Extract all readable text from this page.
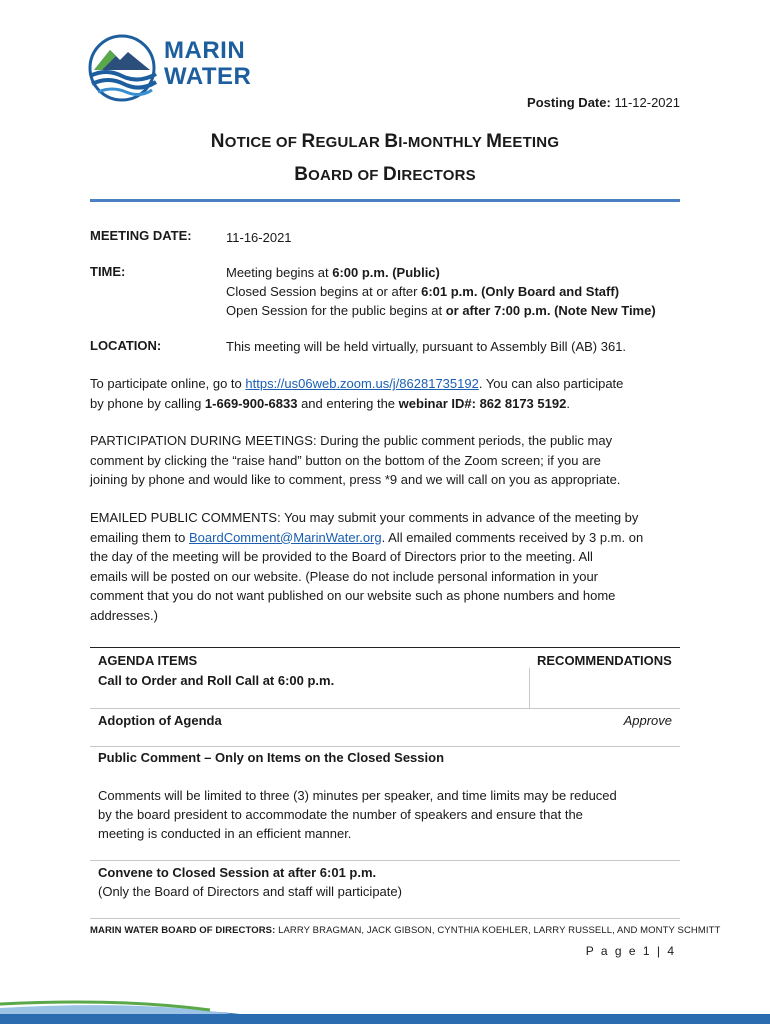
MARIN
WATER
Posting Date: 11-12-2021
NOTICE OF REGULAR BI-MONTHLY MEETING
BOARD OF DIRECTORS
MEETING DATE:	11-16-2021
TIME:	Meeting begins at 6:00 p.m. (Public)
Closed Session begins at or after 6:01 p.m. (Only Board and Staff)
Open Session for the public begins at or after 7:00 p.m. (Note New Time)
LOCATION:	This meeting will be held virtually, pursuant to Assembly Bill (AB) 361.
To participate online, go to https://us06web.zoom.us/j/86281735192. You can also participate
by phone by calling 1-669-900-6833 and entering the webinar ID#: 862 8173 5192.
PARTICIPATION DURING MEETINGS: During the public comment periods, the public may
comment by clicking the “raise hand” button on the bottom of the Zoom screen; if you are
joining by phone and would like to comment, press *9 and we will call on you as appropriate.
EMAILED PUBLIC COMMENTS: You may submit your comments in advance of the meeting by
emailing them to BoardComment@MarinWater.org. All emailed comments received by 3 p.m. on
the day of the meeting will be provided to the Board of Directors prior to the meeting. All
emails will be posted on our website. (Please do not include personal information in your
comment that you do not want published on our website such as phone numbers and home
addresses.)
AGENDA ITEMS	RECOMMENDATIONS
Call to Order and Roll Call at 6:00 p.m.
Adoption of Agenda	Approve
Public Comment – Only on Items on the Closed Session
Comments will be limited to three (3) minutes per speaker, and time limits may be reduced
by the board president to accommodate the number of speakers and ensure that the
meeting is conducted in an efficient manner.
Convene to Closed Session at after 6:01 p.m.
(Only the Board of Directors and staff will participate)
MARIN WATER BOARD OF DIRECTORS: LARRY BRAGMAN, JACK GIBSON, CYNTHIA KOEHLER, LARRY RUSSELL, AND MONTY SCHMITT
P a g e 1 | 4
